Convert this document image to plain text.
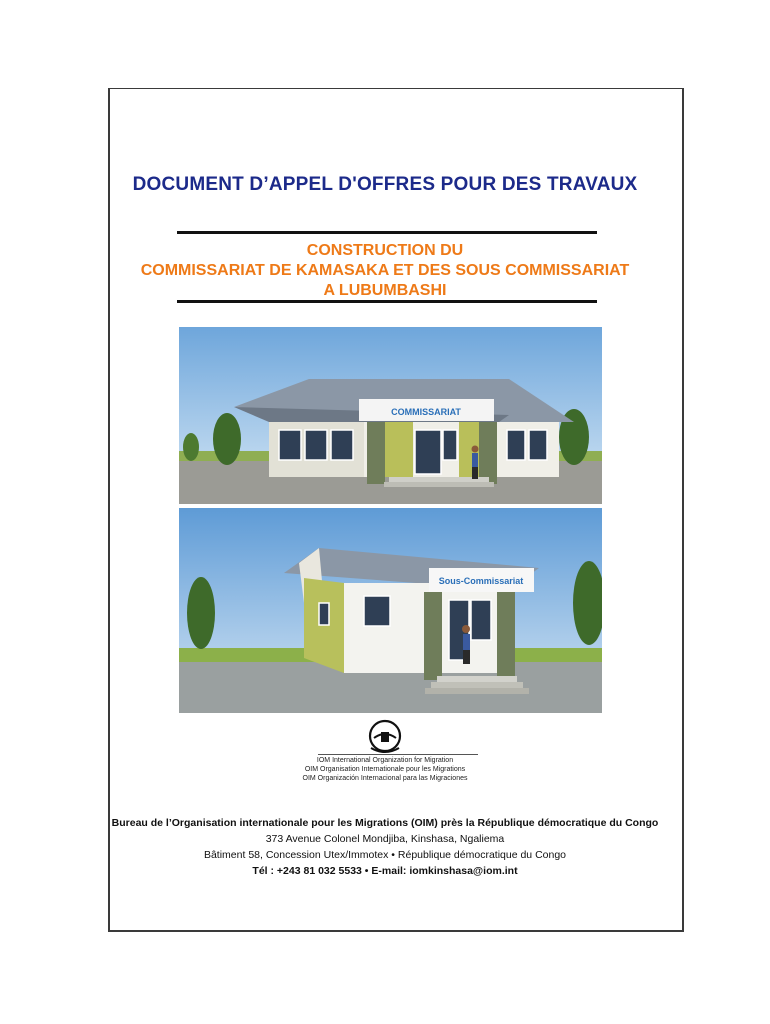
DOCUMENT D’APPEL D'OFFRES POUR DES TRAVAUX
CONSTRUCTION DU
COMMISSARIAT DE KAMASAKA ET DES SOUS COMMISSARIAT
A LUBUMBASHI
COMMISSARIAT
Sous-Commissariat
IOM International Organization for Migration
OIM Organisation Internationale pour les Migrations
OIM Organización Internacional para las Migraciones
Bureau de l’Organisation internationale pour les Migrations (OIM) près la République démocratique du Congo
373 Avenue Colonel Mondjiba, Kinshasa, Ngaliema
Bâtiment 58, Concession Utex/Immotex • République démocratique du Congo
Tél : +243 81 032 5533 • E-mail: iomkinshasa@iom.int
